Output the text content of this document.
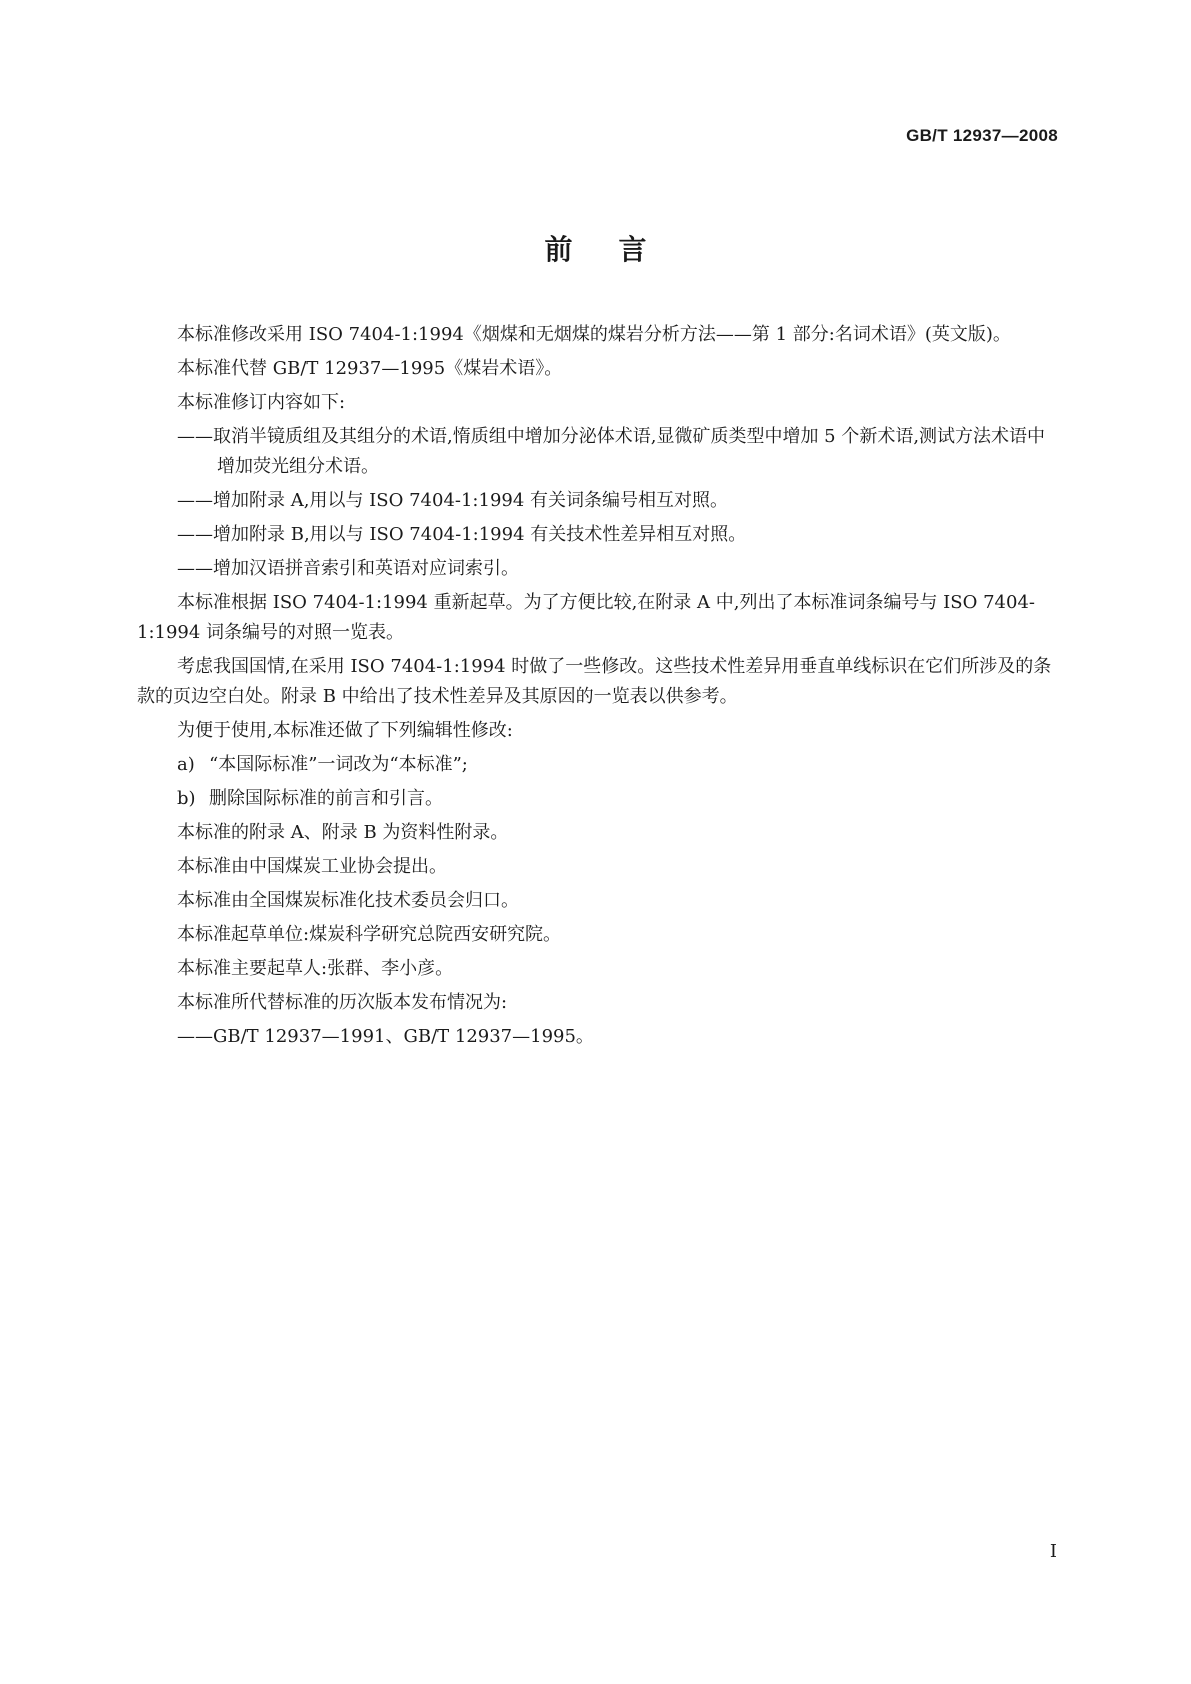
GB/T 12937—2008
前言

本标准修改采用 ISO 7404-1:1994《烟煤和无烟煤的煤岩分析方法——第 1 部分:名词术语》(英文版)。

本标准代替 GB/T 12937—1995《煤岩术语》。

本标准修订内容如下:

——取消半镜质组及其组分的术语,惰质组中增加分泌体术语,显微矿质类型中增加 5 个新术语,测试方法术语中增加荧光组分术语。

——增加附录 A,用以与 ISO 7404-1:1994 有关词条编号相互对照。

——增加附录 B,用以与 ISO 7404-1:1994 有关技术性差异相互对照。

——增加汉语拼音索引和英语对应词索引。

本标准根据 ISO 7404-1:1994 重新起草。为了方便比较,在附录 A 中,列出了本标准词条编号与 ISO 7404-1:1994 词条编号的对照一览表。

考虑我国国情,在采用 ISO 7404-1:1994 时做了一些修改。这些技术性差异用垂直单线标识在它们所涉及的条款的页边空白处。附录 B 中给出了技术性差异及其原因的一览表以供参考。

为便于使用,本标准还做了下列编辑性修改:

a) “本国际标准”一词改为“本标准”;

b) 删除国际标准的前言和引言。

本标准的附录 A、附录 B 为资料性附录。

本标准由中国煤炭工业协会提出。

本标准由全国煤炭标准化技术委员会归口。

本标准起草单位:煤炭科学研究总院西安研究院。

本标准主要起草人:张群、李小彦。

本标准所代替标准的历次版本发布情况为:

——GB/T 12937—1991、GB/T 12937—1995。

I
